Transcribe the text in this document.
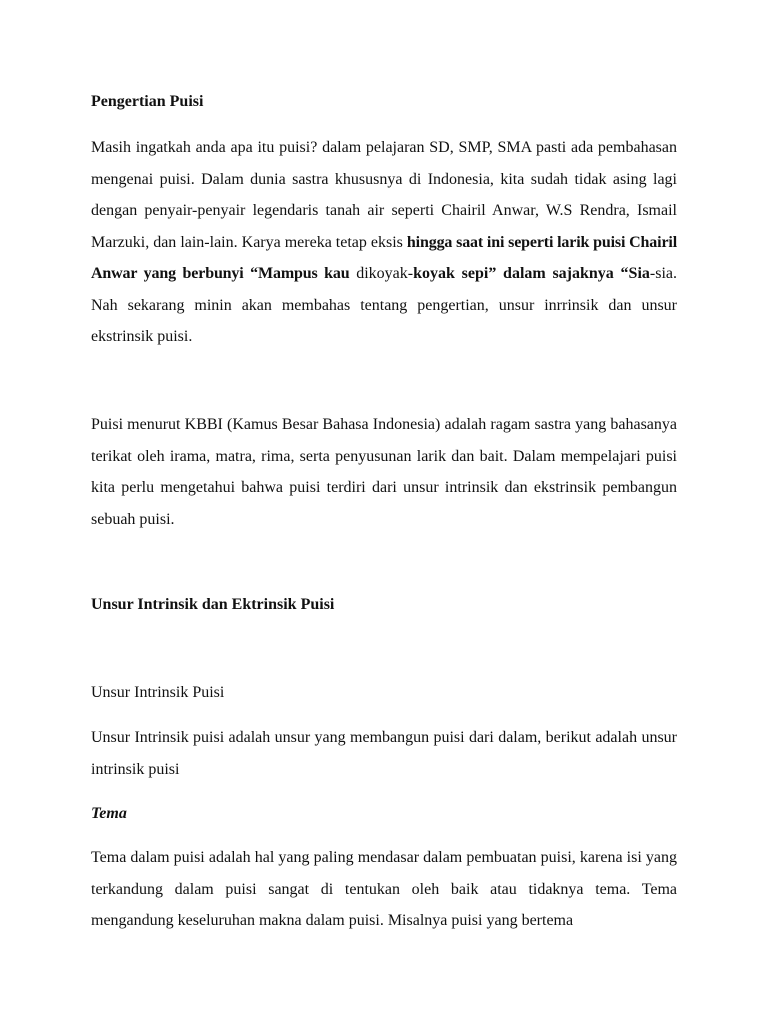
Pengertian Puisi
Masih ingatkah anda apa itu puisi? dalam pelajaran SD, SMP, SMA pasti ada pembahasan mengenai puisi. Dalam dunia sastra khususnya di Indonesia, kita sudah tidak asing lagi dengan penyair-penyair legendaris tanah air seperti Chairil Anwar, W.S Rendra, Ismail Marzuki, dan lain-lain. Karya mereka tetap eksis hingga saat ini seperti larik puisi Chairil Anwar yang berbunyi “Mampus kau dikoyak-koyak sepi” dalam sajaknya “Sia-sia. Nah sekarang minin akan membahas tentang pengertian, unsur inrrinsik dan unsur ekstrinsik puisi.
Puisi menurut KBBI (Kamus Besar Bahasa Indonesia) adalah ragam sastra yang bahasanya terikat oleh irama, matra, rima, serta penyusunan larik dan bait. Dalam mempelajari puisi kita perlu mengetahui bahwa puisi terdiri dari unsur intrinsik dan ekstrinsik pembangun sebuah puisi.
Unsur Intrinsik dan Ektrinsik Puisi
Unsur Intrinsik Puisi
Unsur Intrinsik puisi adalah unsur yang membangun puisi dari dalam, berikut adalah unsur intrinsik puisi
Tema
Tema dalam puisi adalah hal yang paling mendasar dalam pembuatan puisi, karena isi yang terkandung dalam puisi sangat di tentukan oleh baik atau tidaknya tema. Tema mengandung keseluruhan makna dalam puisi. Misalnya puisi yang bertema
